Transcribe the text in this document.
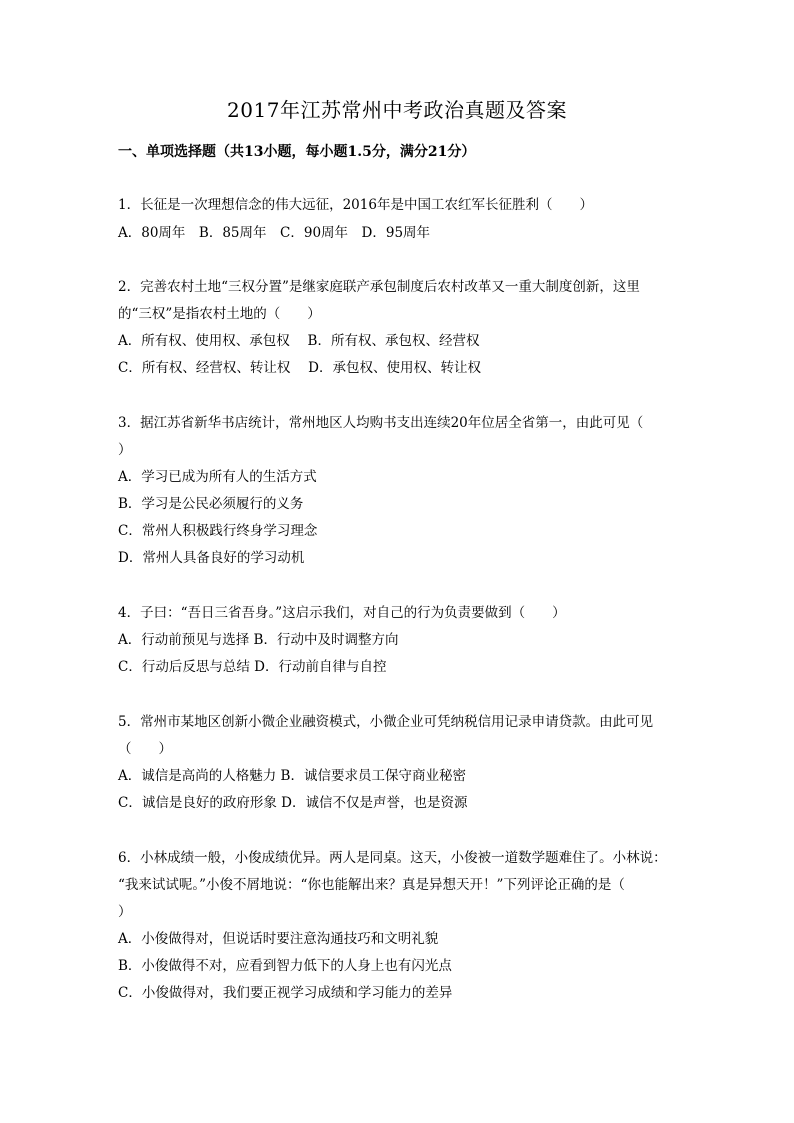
2017年江苏常州中考政治真题及答案
一、单项选择题（共13小题，每小题1.5分，满分21分）
1．长征是一次理想信念的伟大远征，2016年是中国工农红军长征胜利（　　）
A．80周年　B．85周年　C．90周年　D．95周年
2．完善农村土地“三权分置”是继家庭联产承包制度后农村改革又一重大制度创新，这里
的“三权”是指农村土地的（　　）
A．所有权、使用权、承包权　 B．所有权、承包权、经营权
C．所有权、经营权、转让权　 D．承包权、使用权、转让权
3．据江苏省新华书店统计，常州地区人均购书支出连续20年位居全省第一，由此可见（
）
A．学习已成为所有人的生活方式
B．学习是公民必须履行的义务
C．常州人积极践行终身学习理念
D．常州人具备良好的学习动机
4．子曰：“吾日三省吾身。”这启示我们，对自己的行为负责要做到（　　）
A．行动前预见与选择 B．行动中及时调整方向
C．行动后反思与总结 D．行动前自律与自控
5．常州市某地区创新小微企业融资模式，小微企业可凭纳税信用记录申请贷款。由此可见
（　　）
A．诚信是高尚的人格魅力 B．诚信要求员工保守商业秘密
C．诚信是良好的政府形象 D．诚信不仅是声誉，也是资源
6．小林成绩一般，小俊成绩优异。两人是同桌。这天，小俊被一道数学题难住了。小林说：
“我来试试呢。”小俊不屑地说：“你也能解出来？真是异想天开！”下列评论正确的是（
）
A．小俊做得对，但说话时要注意沟通技巧和文明礼貌
B．小俊做得不对，应看到智力低下的人身上也有闪光点
C．小俊做得对，我们要正视学习成绩和学习能力的差异
